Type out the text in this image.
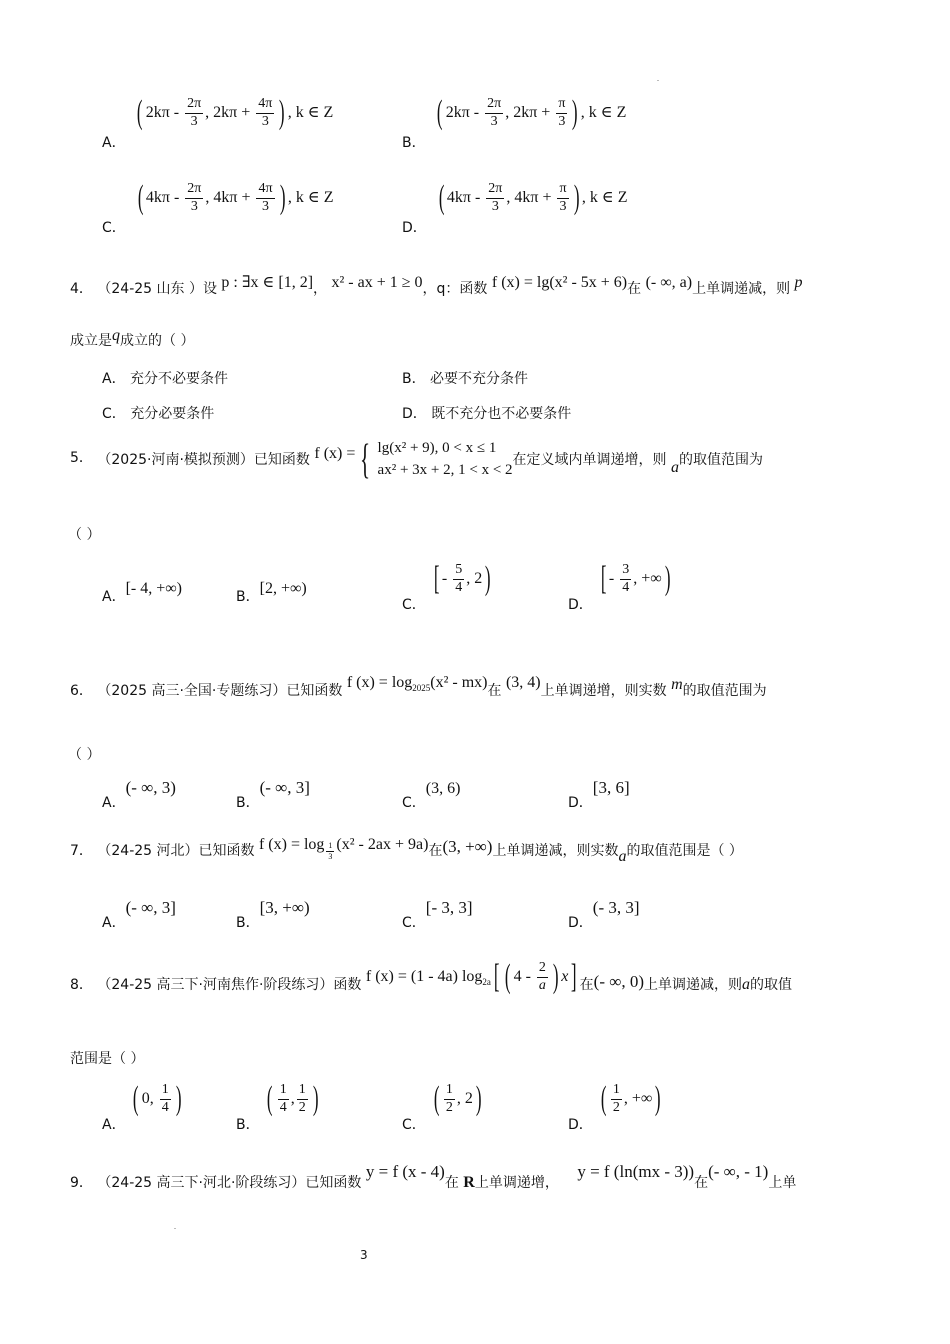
A． ( $2k\pi - \frac{2\pi}{3}$ , $2k\pi + \frac{4\pi}{3}$ ) , k ∈ Z
B． ( $2k\pi - \frac{2\pi}{3}$ , $2k\pi + \frac{\pi}{3}$ ) , k ∈ Z
C． ( $4k\pi - \frac{2\pi}{3}$ , $4k\pi + \frac{4\pi}{3}$ ) , k ∈ Z
D． ( $4k\pi - \frac{2\pi}{3}$ , $4k\pi + \frac{\pi}{3}$ ) , k ∈ Z
4． （24-25 山东 ）设 p : ∃x ∈ [1, 2]， x² - ax + 1 ≥ 0，q：函数 f (x) = lg(x² - 5x + 6)在 (- ∞, a)上单调递减，则 p
成立是q成立的（ ）
A． 充分不必要条件	B． 必要不充分条件
C． 充分必要条件	D． 既不充分也不必要条件
5． （2025·河南·模拟预测）已知函数 f (x) = { lg(x² + 9), 0 < x ≤ 1
ax² + 3x + 2, 1 < x < 2
在定义域内单调递增，则 a的取值范围为
（ ）
A．[- 4, +∞)	B．[2, +∞)
C． [ - $\frac{5}{4}$ , 2)
D． [ - $\frac{3}{4}$ , +∞)
6． （2025 高三·全国·专题练习）已知函数 f $(x) = \log_{2025}(x^2 - mx)$在 (3, 4)上单调递增，则实数 m的取值范围为
（ ）
A．(- ∞, 3)
B．(- ∞, 3]
C．(3, 6)
D．[3, 6]
7． （24-25 河北）已知函数 f $(x) = \log \frac{1}{3} (x^2 - 2ax + 9a)$在(3, +∞)上单调递减，则实数a的取值范围是（ ）
A．(- ∞, 3]
B．[3, +∞)
C．[- 3, 3]
D．(- 3, 3]
8． （24-25 高三下·河南焦作·阶段练习）函数 f (x) = (1 - 4a) $\log_{2a}$[ ( $4 - \frac{2}{a}$ ) x] 在(- ∞, 0)上单调递减，则a的取值
范围是（ ）
A． ( 0, $\frac{1}{4}$ )
B． ( $\frac{1}{4}$ , $\frac{1}{2}$ )
C． ( $\frac{1}{2}$ , 2)
D． ( $\frac{1}{2}$ , +∞)
9． （24-25 高三下·河北·阶段练习）已知函数 y = f (x - 4)在 R上单调递增， y = f (ln(mx - 3))在(- ∞, - 1)上单
3
